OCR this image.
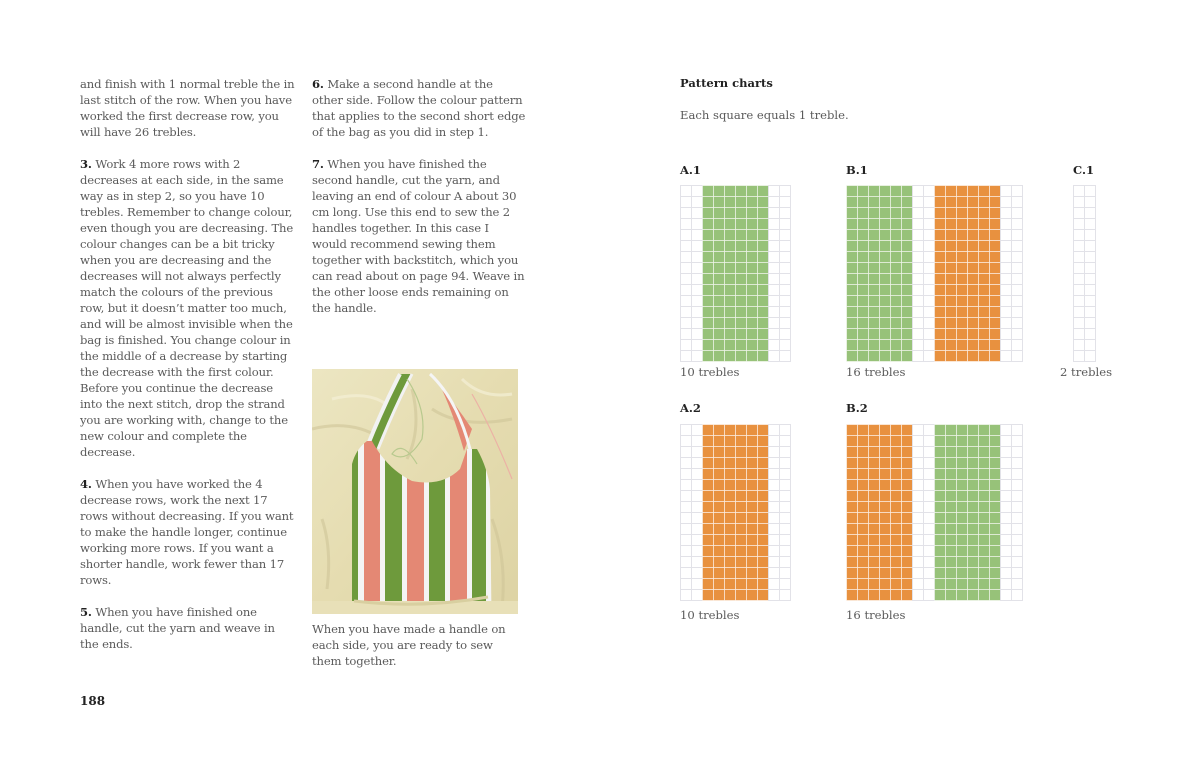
and finish with 1 normal treble the in last stitch of the row. When you have worked the first decrease row, you will have 26 trebles.

3. Work 4 more rows with 2 decreases at each side, in the same way as in step 2, so you have 10 trebles. Remember to change colour, even though you are decreasing. The colour changes can be a bit tricky when you are decreasing and the decreases will not always perfectly match the colours of the previous row, but it doesn’t matter too much, and will be almost invisible when the bag is finished. You change colour in the middle of a decrease by starting the decrease with the first colour. Before you continue the decrease into the next stitch, drop the strand you are working with, change to the new colour and complete the decrease.

4. When you have worked the 4 decrease rows, work the next 17 rows without decreasing. If you want to make the handle longer, continue working more rows. If you want a shorter handle, work fewer than 17 rows.

5. When you have finished one handle, cut the yarn and weave in the ends.

6. Make a second handle at the other side. Follow the colour pattern that applies to the second short edge of the bag as you did in step 1.

7. When you have finished the second handle, cut the yarn, and leaving an end of colour A about 30 cm long. Use this end to sew the 2 handles together. In this case I would recommend sewing them together with backstitch, which you can read about on page 94. Weave in the other loose ends remaining on the handle.

When you have made a handle on each side, you are ready to sew them together.
188
Pattern charts
Each square equals 1 treble.
A.1
10 trebles
B.1
16 trebles
C.1
2 trebles
A.2
10 trebles
B.2
16 trebles
